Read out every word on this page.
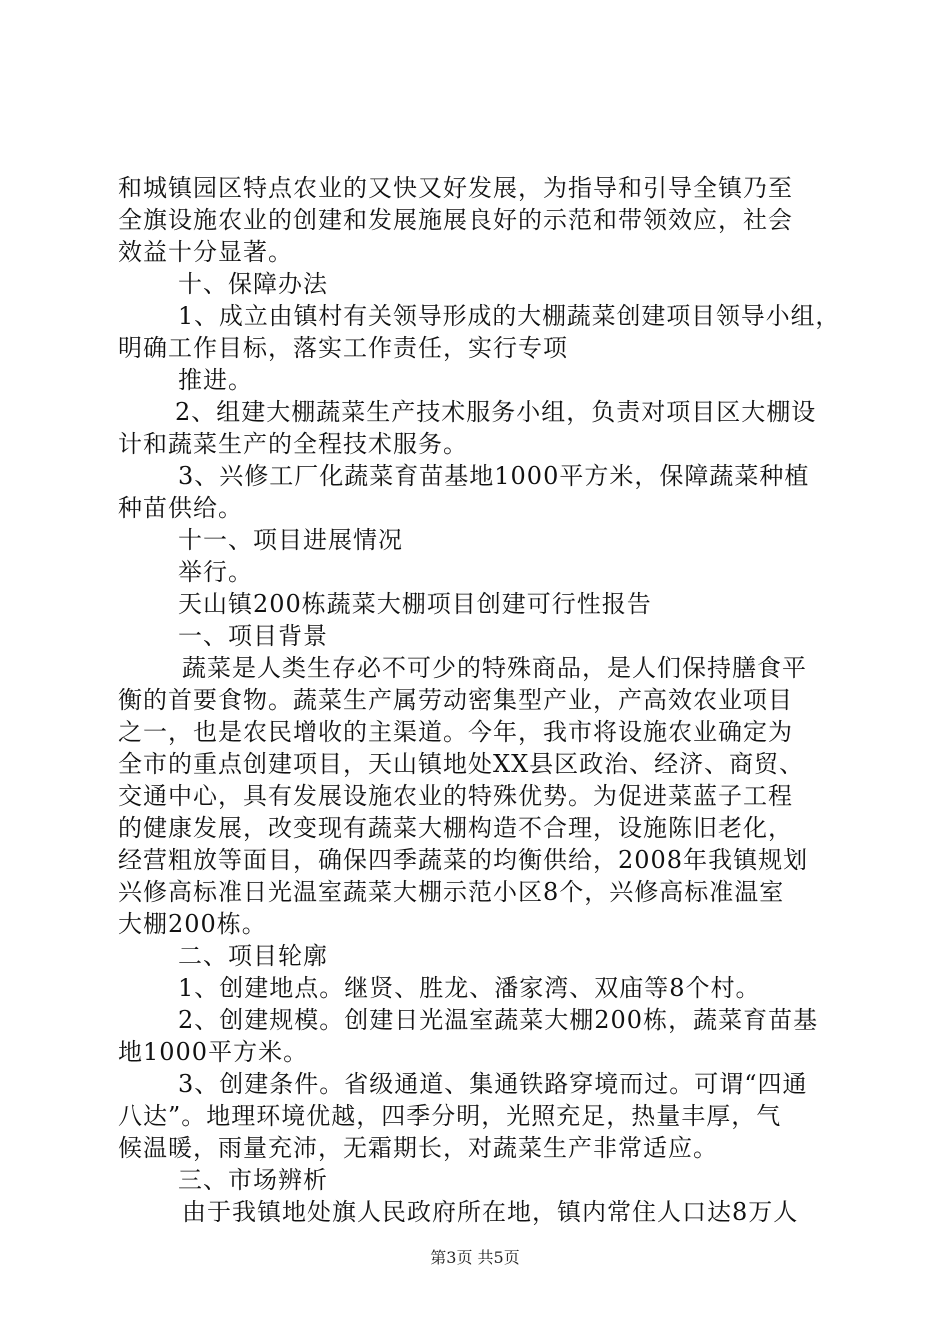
和城镇园区特点农业的又快又好发展，为指导和引导全镇乃至
全旗设施农业的创建和发展施展良好的示范和带领效应，社会
效益十分显著。
十、保障办法
1、成立由镇村有关领导形成的大棚蔬菜创建项目领导小组，
明确工作目标，落实工作责任，实行专项
推进。
2、组建大棚蔬菜生产技术服务小组，负责对项目区大棚设
计和蔬菜生产的全程技术服务。
3、兴修工厂化蔬菜育苗基地1000平方米，保障蔬菜种植
种苗供给。
十一、项目进展情况
举行。
天山镇200栋蔬菜大棚项目创建可行性报告
一、项目背景
蔬菜是人类生存必不可少的特殊商品，是人们保持膳食平
衡的首要食物。蔬菜生产属劳动密集型产业，产高效农业项目
之一，也是农民增收的主渠道。今年，我市将设施农业确定为
全市的重点创建项目，天山镇地处XX县区政治、经济、商贸、
交通中心，具有发展设施农业的特殊优势。为促进菜蓝子工程
的健康发展，改变现有蔬菜大棚构造不合理，设施陈旧老化，
经营粗放等面目，确保四季蔬菜的均衡供给，2008年我镇规划
兴修高标准日光温室蔬菜大棚示范小区8个，兴修高标准温室
大棚200栋。
二、项目轮廓
1、创建地点。继贤、胜龙、潘家湾、双庙等8个村。
2、创建规模。创建日光温室蔬菜大棚200栋，蔬菜育苗基
地1000平方米。
3、创建条件。省级通道、集通铁路穿境而过。可谓“四通
八达”。地理环境优越，四季分明，光照充足，热量丰厚，气
候温暖，雨量充沛，无霜期长，对蔬菜生产非常适应。
三、市场辨析
由于我镇地处旗人民政府所在地，镇内常住人口达8万人
第3页 共5页
